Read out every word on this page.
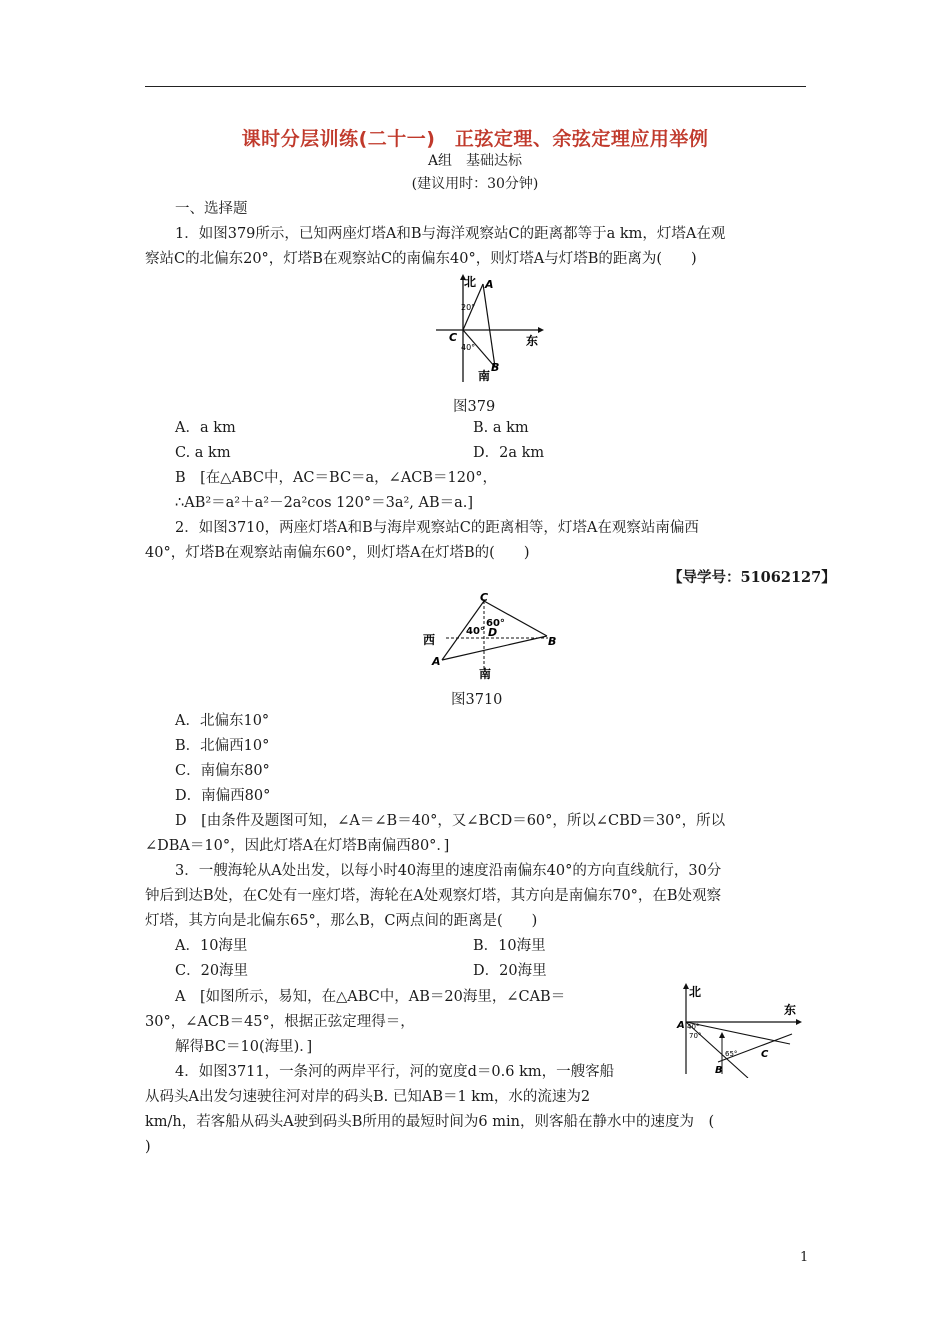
课时分层训练(二十一)　正弦定理、余弦定理应用举例
A组　基础达标
(建议用时：30分钟)
一、选择题
1．如图379所示，已知两座灯塔A和B与海洋观察站C的距离都等于a km，灯塔A在观
察站C的北偏东20°，灯塔B在观察站C的南偏东40°，则灯塔A与灯塔B的距离为(　　)
北
东
南
A
B
C
20°
40°
图379
A．a km	B. a km
C. a km	D．2a km
B　[在△ABC中，AC＝BC＝a，∠ACB＝120°，
∴AB²＝a²＋a²－2a²cos 120°＝3a², AB＝a.]
2．如图3710，两座灯塔A和B与海岸观察站C的距离相等，灯塔A在观察站南偏西
40°，灯塔B在观察站南偏东60°，则灯塔A在灯塔B的(　　)
【导学号：51062127】
C
D
B
A
西
南
60°
40°
图3710
A．北偏东10°
B．北偏西10°
C．南偏东80°
D．南偏西80°
D　[由条件及题图可知，∠A＝∠B＝40°，又∠BCD＝60°，所以∠CBD＝30°，所以
∠DBA＝10°，因此灯塔A在灯塔B南偏西80°．]
3．一艘海轮从A处出发，以每小时40海里的速度沿南偏东40°的方向直线航行，30分
钟后到达B处，在C处有一座灯塔，海轮在A处观察灯塔，其方向是南偏东70°，在B处观察
灯塔，其方向是北偏东65°，那么B，C两点间的距离是(　　)
A．10海里	B．10海里
C．20海里	D．20海里
A　[如图所示，易知，在△ABC中，AB＝20海里，∠CAB＝
30°，∠ACB＝45°，根据正弦定理得＝，
解得BC＝10(海里)．]
北
东
A
B
C
40°
70°
65°
4．如图3711，一条河的两岸平行，河的宽度d＝0.6 km，一艘客船
从码头A出发匀速驶往河对岸的码头B. 已知AB＝1 km，水的流速为2
km/h，若客船从码头A驶到码头B所用的最短时间为6 min，则客船在静水中的速度为　(
)
1
